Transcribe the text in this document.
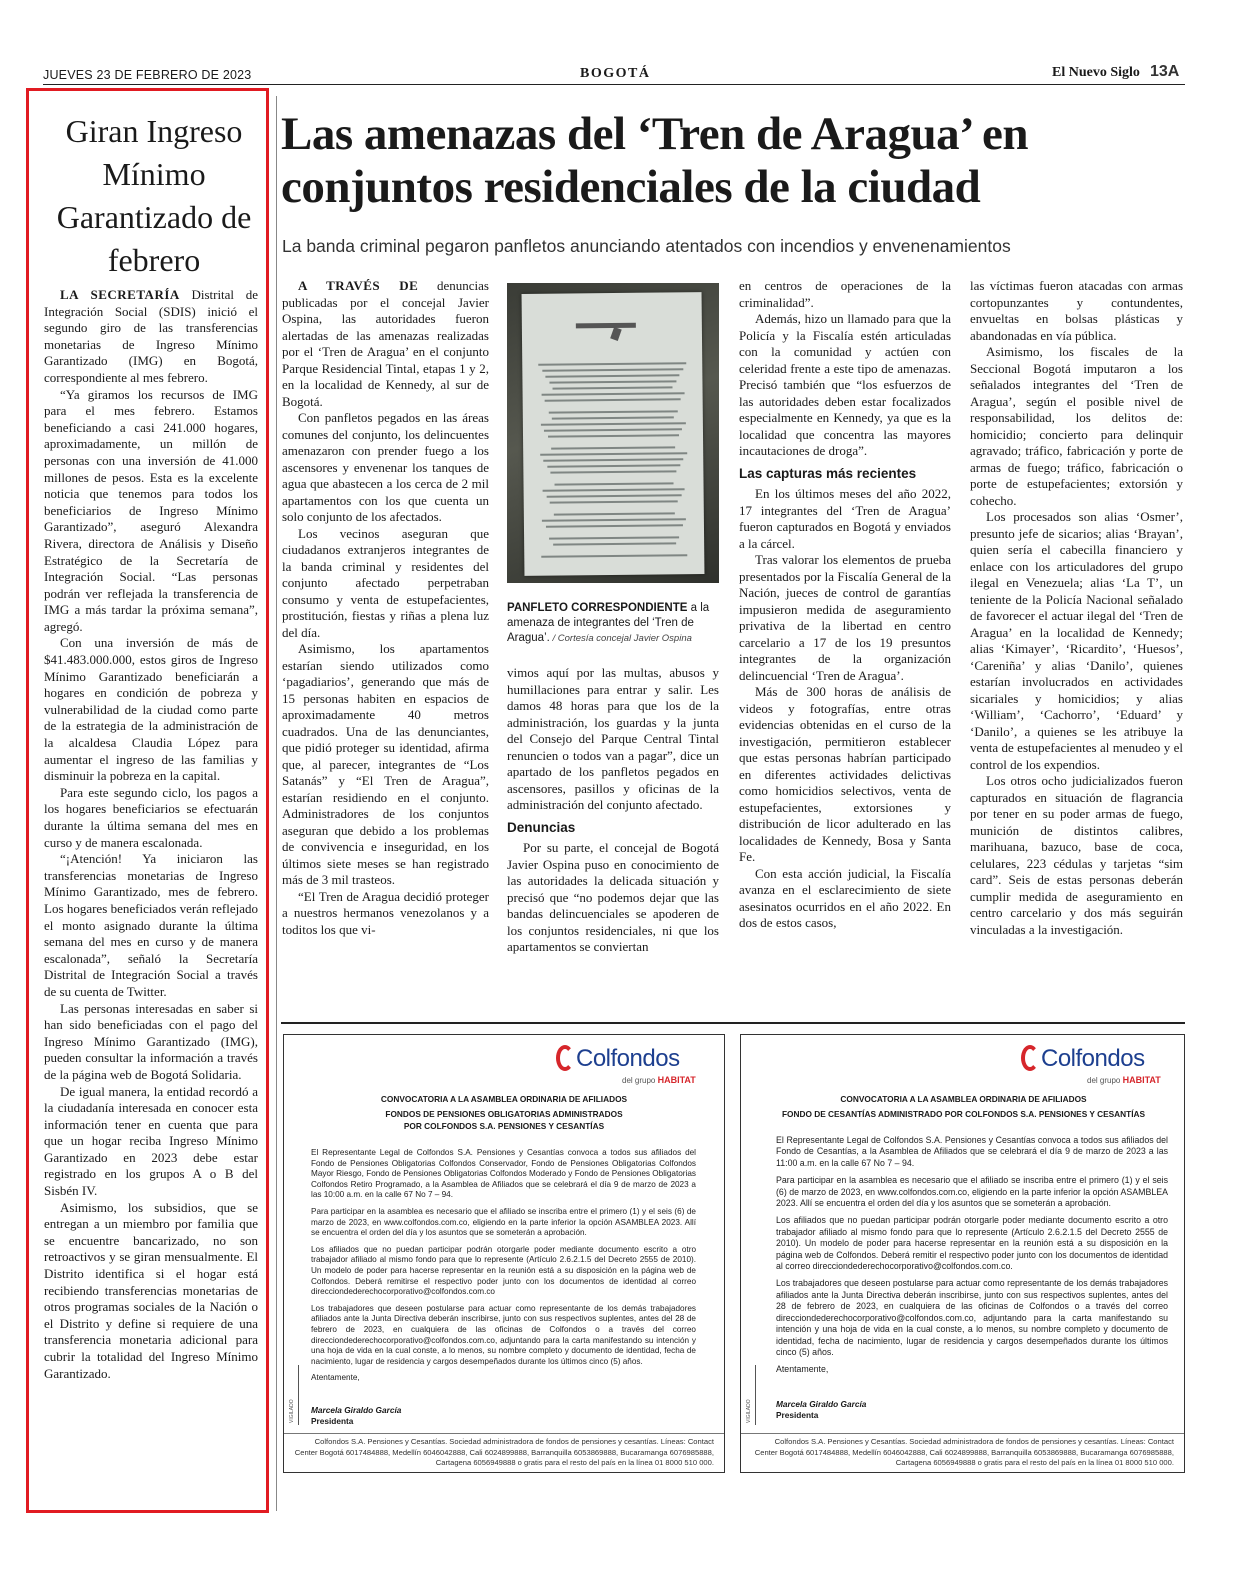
JUEVES 23 DE FEBRERO DE 2023	BOGOTÁ	El Nuevo Siglo 13A
Giran Ingreso Mínimo Garantizado de febrero

LA SECRETARÍA Distrital de Integración Social (SDIS) inició el segundo giro de las transferencias monetarias de Ingreso Mínimo Garantizado (IMG) en Bogotá, correspondiente al mes febrero.

“Ya giramos los recursos de IMG para el mes febrero. Estamos beneficiando a casi 241.000 hogares, aproximadamente, un millón de personas con una inversión de 41.000 millones de pesos. Esta es la excelente noticia que tenemos para todos los beneficiarios de Ingreso Mínimo Garantizado”, aseguró Alexandra Rivera, directora de Análisis y Diseño Estratégico de la Secretaría de Integración Social. “Las personas podrán ver reflejada la transferencia de IMG a más tardar la próxima semana”, agregó.

Con una inversión de más de $41.483.000.000, estos giros de Ingreso Mínimo Garantizado beneficiarán a hogares en condición de pobreza y vulnerabilidad de la ciudad como parte de la estrategia de la administración de la alcaldesa Claudia López para aumentar el ingreso de las familias y disminuir la pobreza en la capital.

Para este segundo ciclo, los pagos a los hogares beneficiarios se efectuarán durante la última semana del mes en curso y de manera escalonada.

“¡Atención! Ya iniciaron las transferencias monetarias de Ingreso Mínimo Garantizado, mes de febrero. Los hogares beneficiados verán reflejado el monto asignado durante la última semana del mes en curso y de manera escalonada”, señaló la Secretaría Distrital de Integración Social a través de su cuenta de Twitter.

Las personas interesadas en saber si han sido beneficiadas con el pago del Ingreso Mínimo Garantizado (IMG), pueden consultar la información a través de la página web de Bogotá Solidaria.

De igual manera, la entidad recordó a la ciudadanía interesada en conocer esta información tener en cuenta que para que un hogar reciba Ingreso Mínimo Garantizado en 2023 debe estar registrado en los grupos A o B del Sisbén IV.

Asimismo, los subsidios, que se entregan a un miembro por familia que se encuentre bancarizado, no son retroactivos y se giran mensualmente. El Distrito identifica si el hogar está recibiendo transferencias monetarias de otros programas sociales de la Nación o el Distrito y define si requiere de una transferencia monetaria adicional para cubrir la totalidad del Ingreso Mínimo Garantizado.

Las amenazas del ‘Tren de Aragua’ en conjuntos residenciales de la ciudad
La banda criminal pegaron panfletos anunciando atentados con incendios y envenenamientos

A TRAVÉS DE denuncias publicadas por el concejal Javier Ospina, las autoridades fueron alertadas de las amenazas realizadas por el ‘Tren de Aragua’ en el conjunto Parque Residencial Tintal, etapas 1 y 2, en la localidad de Kennedy, al sur de Bogotá.

Con panfletos pegados en las áreas comunes del conjunto, los delincuentes amenazaron con prender fuego a los ascensores y envenenar los tanques de agua que abastecen a los cerca de 2 mil apartamentos con los que cuenta un solo conjunto de los afectados.

Los vecinos aseguran que ciudadanos extranjeros integrantes de la banda criminal y residentes del conjunto afectado perpetraban consumo y venta de estupefacientes, prostitución, fiestas y riñas a plena luz del día.

Asimismo, los apartamentos estarían siendo utilizados como ‘pagadiarios’, generando que más de 15 personas habiten en espacios de aproximadamente 40 metros cuadrados. Una de las denunciantes, que pidió proteger su identidad, afirma que, al parecer, integrantes de “Los Satanás” y “El Tren de Aragua”, estarían residiendo en el conjunto. Administradores de los conjuntos aseguran que debido a los problemas de convivencia e inseguridad, en los últimos siete meses se han registrado más de 3 mil trasteos.

“El Tren de Aragua decidió proteger a nuestros hermanos venezolanos y a toditos los que vi-

PANFLETO CORRESPONDIENTE a la amenaza de integrantes del ‘Tren de Aragua’. / Cortesía concejal Javier Ospina

vimos aquí por las multas, abusos y humillaciones para entrar y salir. Les damos 48 horas para que los de la administración, los guardas y la junta del Consejo del Parque Central Tintal renuncien o todos van a pagar”, dice un apartado de los panfletos pegados en ascensores, pasillos y oficinas de la administración del conjunto afectado.

Denuncias

Por su parte, el concejal de Bogotá Javier Ospina puso en conocimiento de las autoridades la delicada situación y precisó que “no podemos dejar que las bandas delincuenciales se apoderen de los conjuntos residenciales, ni que los apartamentos se conviertan

en centros de operaciones de la criminalidad”.

Además, hizo un llamado para que la Policía y la Fiscalía estén articuladas con la comunidad y actúen con celeridad frente a este tipo de amenazas. Precisó también que “los esfuerzos de las autoridades deben estar focalizados especialmente en Kennedy, ya que es la localidad que concentra las mayores incautaciones de droga”.

Las capturas más recientes

En los últimos meses del año 2022, 17 integrantes del ‘Tren de Aragua’ fueron capturados en Bogotá y enviados a la cárcel.

Tras valorar los elementos de prueba presentados por la Fiscalía General de la Nación, jueces de control de garantías impusieron medida de aseguramiento privativa de la libertad en centro carcelario a 17 de los 19 presuntos integrantes de la organización delincuencial ‘Tren de Aragua’.

Más de 300 horas de análisis de videos y fotografías, entre otras evidencias obtenidas en el curso de la investigación, permitieron establecer que estas personas habrían participado en diferentes actividades delictivas como homicidios selectivos, venta de estupefacientes, extorsiones y distribución de licor adulterado en las localidades de Kennedy, Bosa y Santa Fe.

Con esta acción judicial, la Fiscalía avanza en el esclarecimiento de siete asesinatos ocurridos en el año 2022. En dos de estos casos,

las víctimas fueron atacadas con armas cortopunzantes y contundentes, envueltas en bolsas plásticas y abandonadas en vía pública.

Asimismo, los fiscales de la Seccional Bogotá imputaron a los señalados integrantes del ‘Tren de Aragua’, según el posible nivel de responsabilidad, los delitos de: homicidio; concierto para delinquir agravado; tráfico, fabricación y porte de armas de fuego; tráfico, fabricación o porte de estupefacientes; extorsión y cohecho.

Los procesados son alias ‘Osmer’, presunto jefe de sicarios; alias ‘Brayan’, quien sería el cabecilla financiero y enlace con los articuladores del grupo ilegal en Venezuela; alias ‘La T’, un teniente de la Policía Nacional señalado de favorecer el actuar ilegal del ‘Tren de Aragua’ en la localidad de Kennedy; alias ‘Kimayer’, ‘Ricardito’, ‘Huesos’, ‘Careniña’ y alias ‘Danilo’, quienes estarían involucrados en actividades sicariales y homicidios; y alias ‘William’, ‘Cachorro’, ‘Eduard’ y ‘Danilo’, a quienes se les atribuye la venta de estupefacientes al menudeo y el control de los expendios.

Los otros ocho judicializados fueron capturados en situación de flagrancia por tener en su poder armas de fuego, munición de distintos calibres, marihuana, bazuco, base de coca, celulares, 223 cédulas y tarjetas “sim card”. Seis de estas personas deberán cumplir medida de aseguramiento en centro carcelario y dos más seguirán vinculadas a la investigación.

Colfondos
del grupo HABITAT
CONVOCATORIA A LA ASAMBLEA ORDINARIA DE AFILIADOS
FONDOS DE PENSIONES OBLIGATORIAS ADMINISTRADOS
POR COLFONDOS S.A. PENSIONES Y CESANTÍAS

El Representante Legal de Colfondos S.A. Pensiones y Cesantías convoca a todos sus afiliados del Fondo de Pensiones Obligatorias Colfondos Conservador, Fondo de Pensiones Obligatorias Colfondos Mayor Riesgo, Fondo de Pensiones Obligatorias Colfondos Moderado y Fondo de Pensiones Obligatorias Colfondos Retiro Programado, a la Asamblea de Afiliados que se celebrará el día 9 de marzo de 2023 a las 10:00 a.m. en la calle 67 No 7 – 94.

Para participar en la asamblea es necesario que el afiliado se inscriba entre el primero (1) y el seis (6) de marzo de 2023, en www.colfondos.com.co, eligiendo en la parte inferior la opción ASAMBLEA 2023. Allí se encuentra el orden del día y los asuntos que se someterán a aprobación.

Los afiliados que no puedan participar podrán otorgarle poder mediante documento escrito a otro trabajador afiliado al mismo fondo para que lo represente (Artículo 2.6.2.1.5 del Decreto 2555 de 2010). Un modelo de poder para hacerse representar en la reunión está a su disposición en la página web de Colfondos. Deberá remitirse el respectivo poder junto con los documentos de identidad al correo direcciondederechocorporativo@colfondos.com.co

Los trabajadores que deseen postularse para actuar como representante de los demás trabajadores afiliados ante la Junta Directiva deberán inscribirse, junto con sus respectivos suplentes, antes del 28 de febrero de 2023, en cualquiera de las oficinas de Colfondos o a través del correo direcciondederechocorporativo@colfondos.com.co, adjuntando para la carta manifestando su intención y una hoja de vida en la cual conste, a lo menos, su nombre completo y documento de identidad, fecha de nacimiento, lugar de residencia y cargos desempeñados durante los últimos cinco (5) años.

Atentamente,

VIGILADO Marcela Giraldo García
Presidenta
Colfondos S.A. Pensiones y Cesantías. Sociedad administradora de fondos de pensiones y cesantías. Líneas: Contact Center Bogotá 6017484888, Medellín 6046042888, Cali 6024899888, Barranquilla 6053869888, Bucaramanga 6076985888, Cartagena 6056949888 o gratis para el resto del país en la línea 01 8000 510 000.
Colfondos
del grupo HABITAT
CONVOCATORIA A LA ASAMBLEA ORDINARIA DE AFILIADOS
FONDO DE CESANTÍAS ADMINISTRADO POR COLFONDOS S.A. PENSIONES Y CESANTÍAS

El Representante Legal de Colfondos S.A. Pensiones y Cesantías convoca a todos sus afiliados del Fondo de Cesantías, a la Asamblea de Afiliados que se celebrará el día 9 de marzo de 2023 a las 11:00 a.m. en la calle 67 No 7 – 94.

Para participar en la asamblea es necesario que el afiliado se inscriba entre el primero (1) y el seis (6) de marzo de 2023, en www.colfondos.com.co, eligiendo en la parte inferior la opción ASAMBLEA 2023. Allí se encuentra el orden del día y los asuntos que se someterán a aprobación.

Los afiliados que no puedan participar podrán otorgarle poder mediante documento escrito a otro trabajador afiliado al mismo fondo para que lo represente (Artículo 2.6.2.1.5 del Decreto 2555 de 2010). Un modelo de poder para hacerse representar en la reunión está a su disposición en la página web de Colfondos. Deberá remitir el respectivo poder junto con los documentos de identidad al correo direcciondederechocorporativo@colfondos.com.co.

Los trabajadores que deseen postularse para actuar como representante de los demás trabajadores afiliados ante la Junta Directiva deberán inscribirse, junto con sus respectivos suplentes, antes del 28 de febrero de 2023, en cualquiera de las oficinas de Colfondos o a través del correo direcciondederechocorporativo@colfondos.com.co, adjuntando para la carta manifestando su intención y una hoja de vida en la cual conste, a lo menos, su nombre completo y documento de identidad, fecha de nacimiento, lugar de residencia y cargos desempeñados durante los últimos cinco (5) años.

Atentamente,

VIGILADO	Marcela Giraldo García
Presidenta
Colfondos S.A. Pensiones y Cesantías. Sociedad administradora de fondos de pensiones y cesantías. Líneas: Contact Center Bogotá 6017484888, Medellín 6046042888, Cali 6024899888, Barranquilla 6053869888, Bucaramanga 6076985888, Cartagena 6056949888 o gratis para el resto del país en la línea 01 8000 510 000.
